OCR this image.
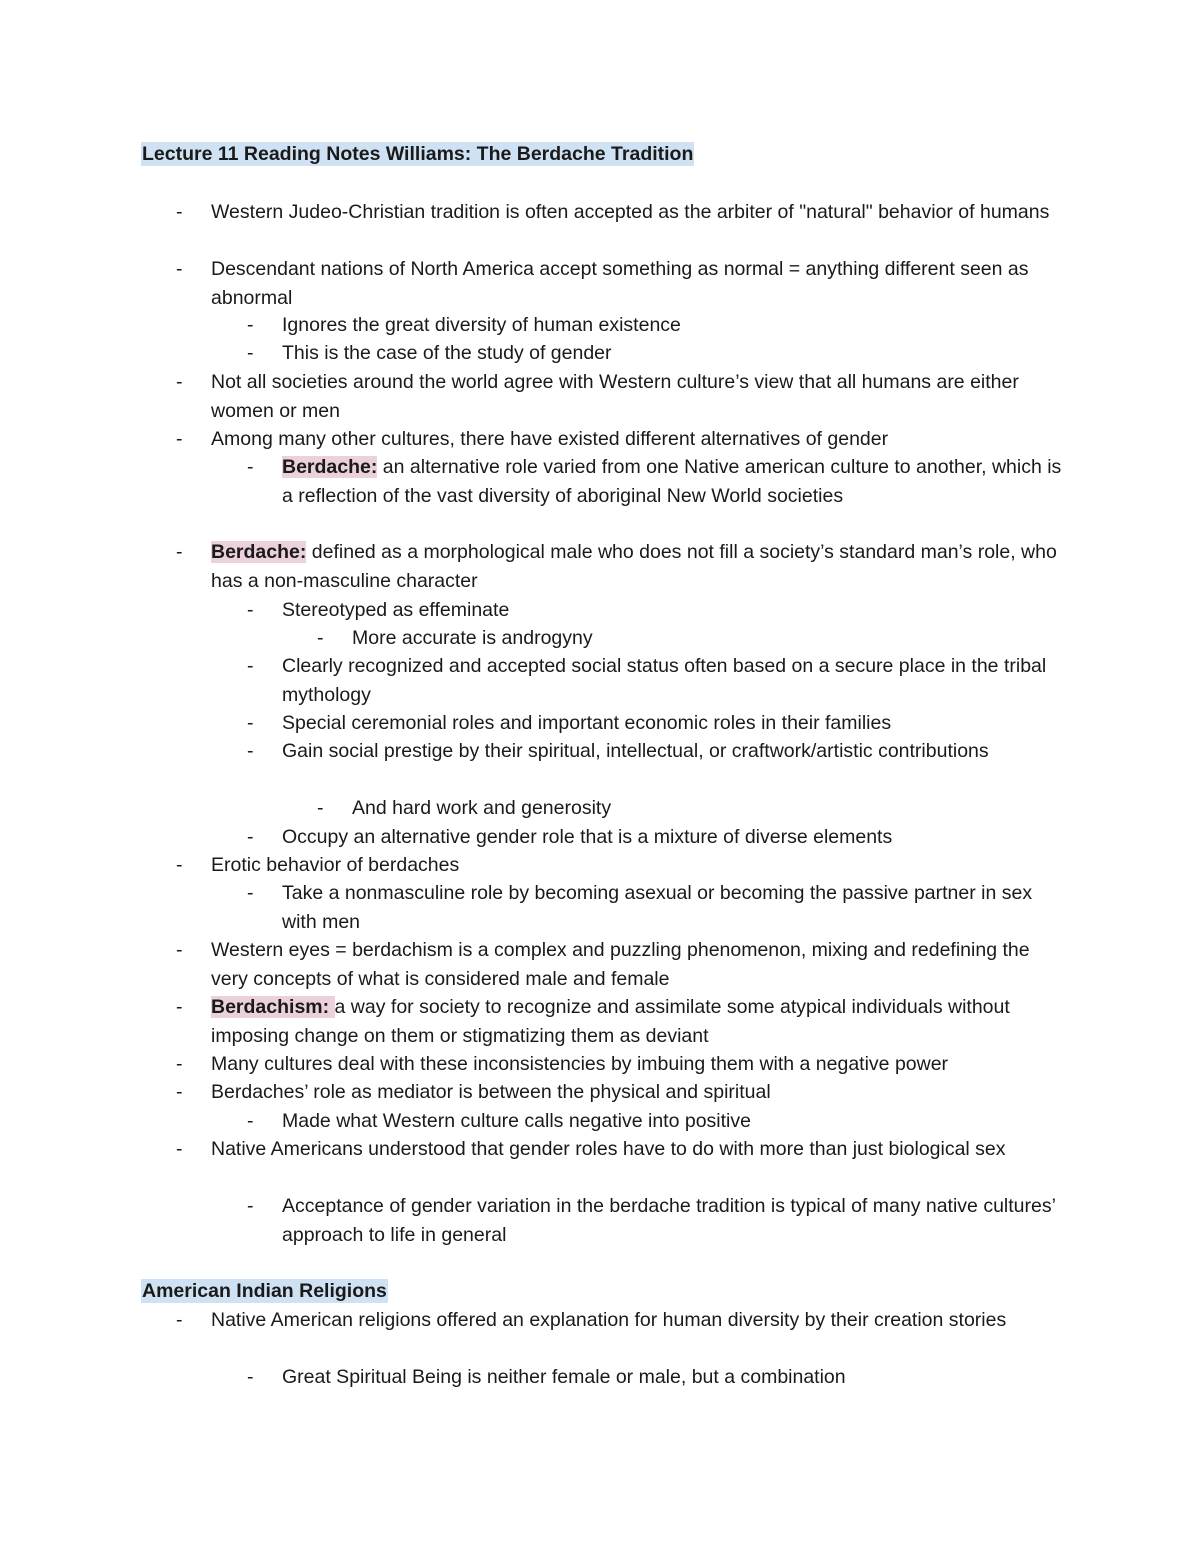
Lecture 11 Reading Notes Williams: The Berdache Tradition
- Western Judeo-Christian tradition is often accepted as the arbiter of "natural" behavior of humans
- Descendant nations of North America accept something as normal = anything different seen as abnormal
- Ignores the great diversity of human existence
- This is the case of the study of gender
- Not all societies around the world agree with Western culture’s view that all humans are either women or men
- Among many other cultures, there have existed different alternatives of gender
- Berdache: an alternative role varied from one Native american culture to another, which is a reflection of the vast diversity of aboriginal New World societies
- Berdache: defined as a morphological male who does not fill a society’s standard man’s role, who has a non-masculine character
- Stereotyped as effeminate
- More accurate is androgyny
- Clearly recognized and accepted social status often based on a secure place in the tribal mythology
- Special ceremonial roles and important economic roles in their families
- Gain social prestige by their spiritual, intellectual, or craftwork/artistic contributions
- And hard work and generosity
- Occupy an alternative gender role that is a mixture of diverse elements
- Erotic behavior of berdaches
- Take a nonmasculine role by becoming asexual or becoming the passive partner in sex with men
- Western eyes = berdachism is a complex and puzzling phenomenon, mixing and redefining the very concepts of what is considered male and female
- Berdachism: a way for society to recognize and assimilate some atypical individuals without imposing change on them or stigmatizing them as deviant
- Many cultures deal with these inconsistencies by imbuing them with a negative power
- Berdaches’ role as mediator is between the physical and spiritual
- Made what Western culture calls negative into positive
- Native Americans understood that gender roles have to do with more than just biological sex
- Acceptance of gender variation in the berdache tradition is typical of many native cultures’ approach to life in general
American Indian Religions
- Native American religions offered an explanation for human diversity by their creation stories
- Great Spiritual Being is neither female or male, but a combination
